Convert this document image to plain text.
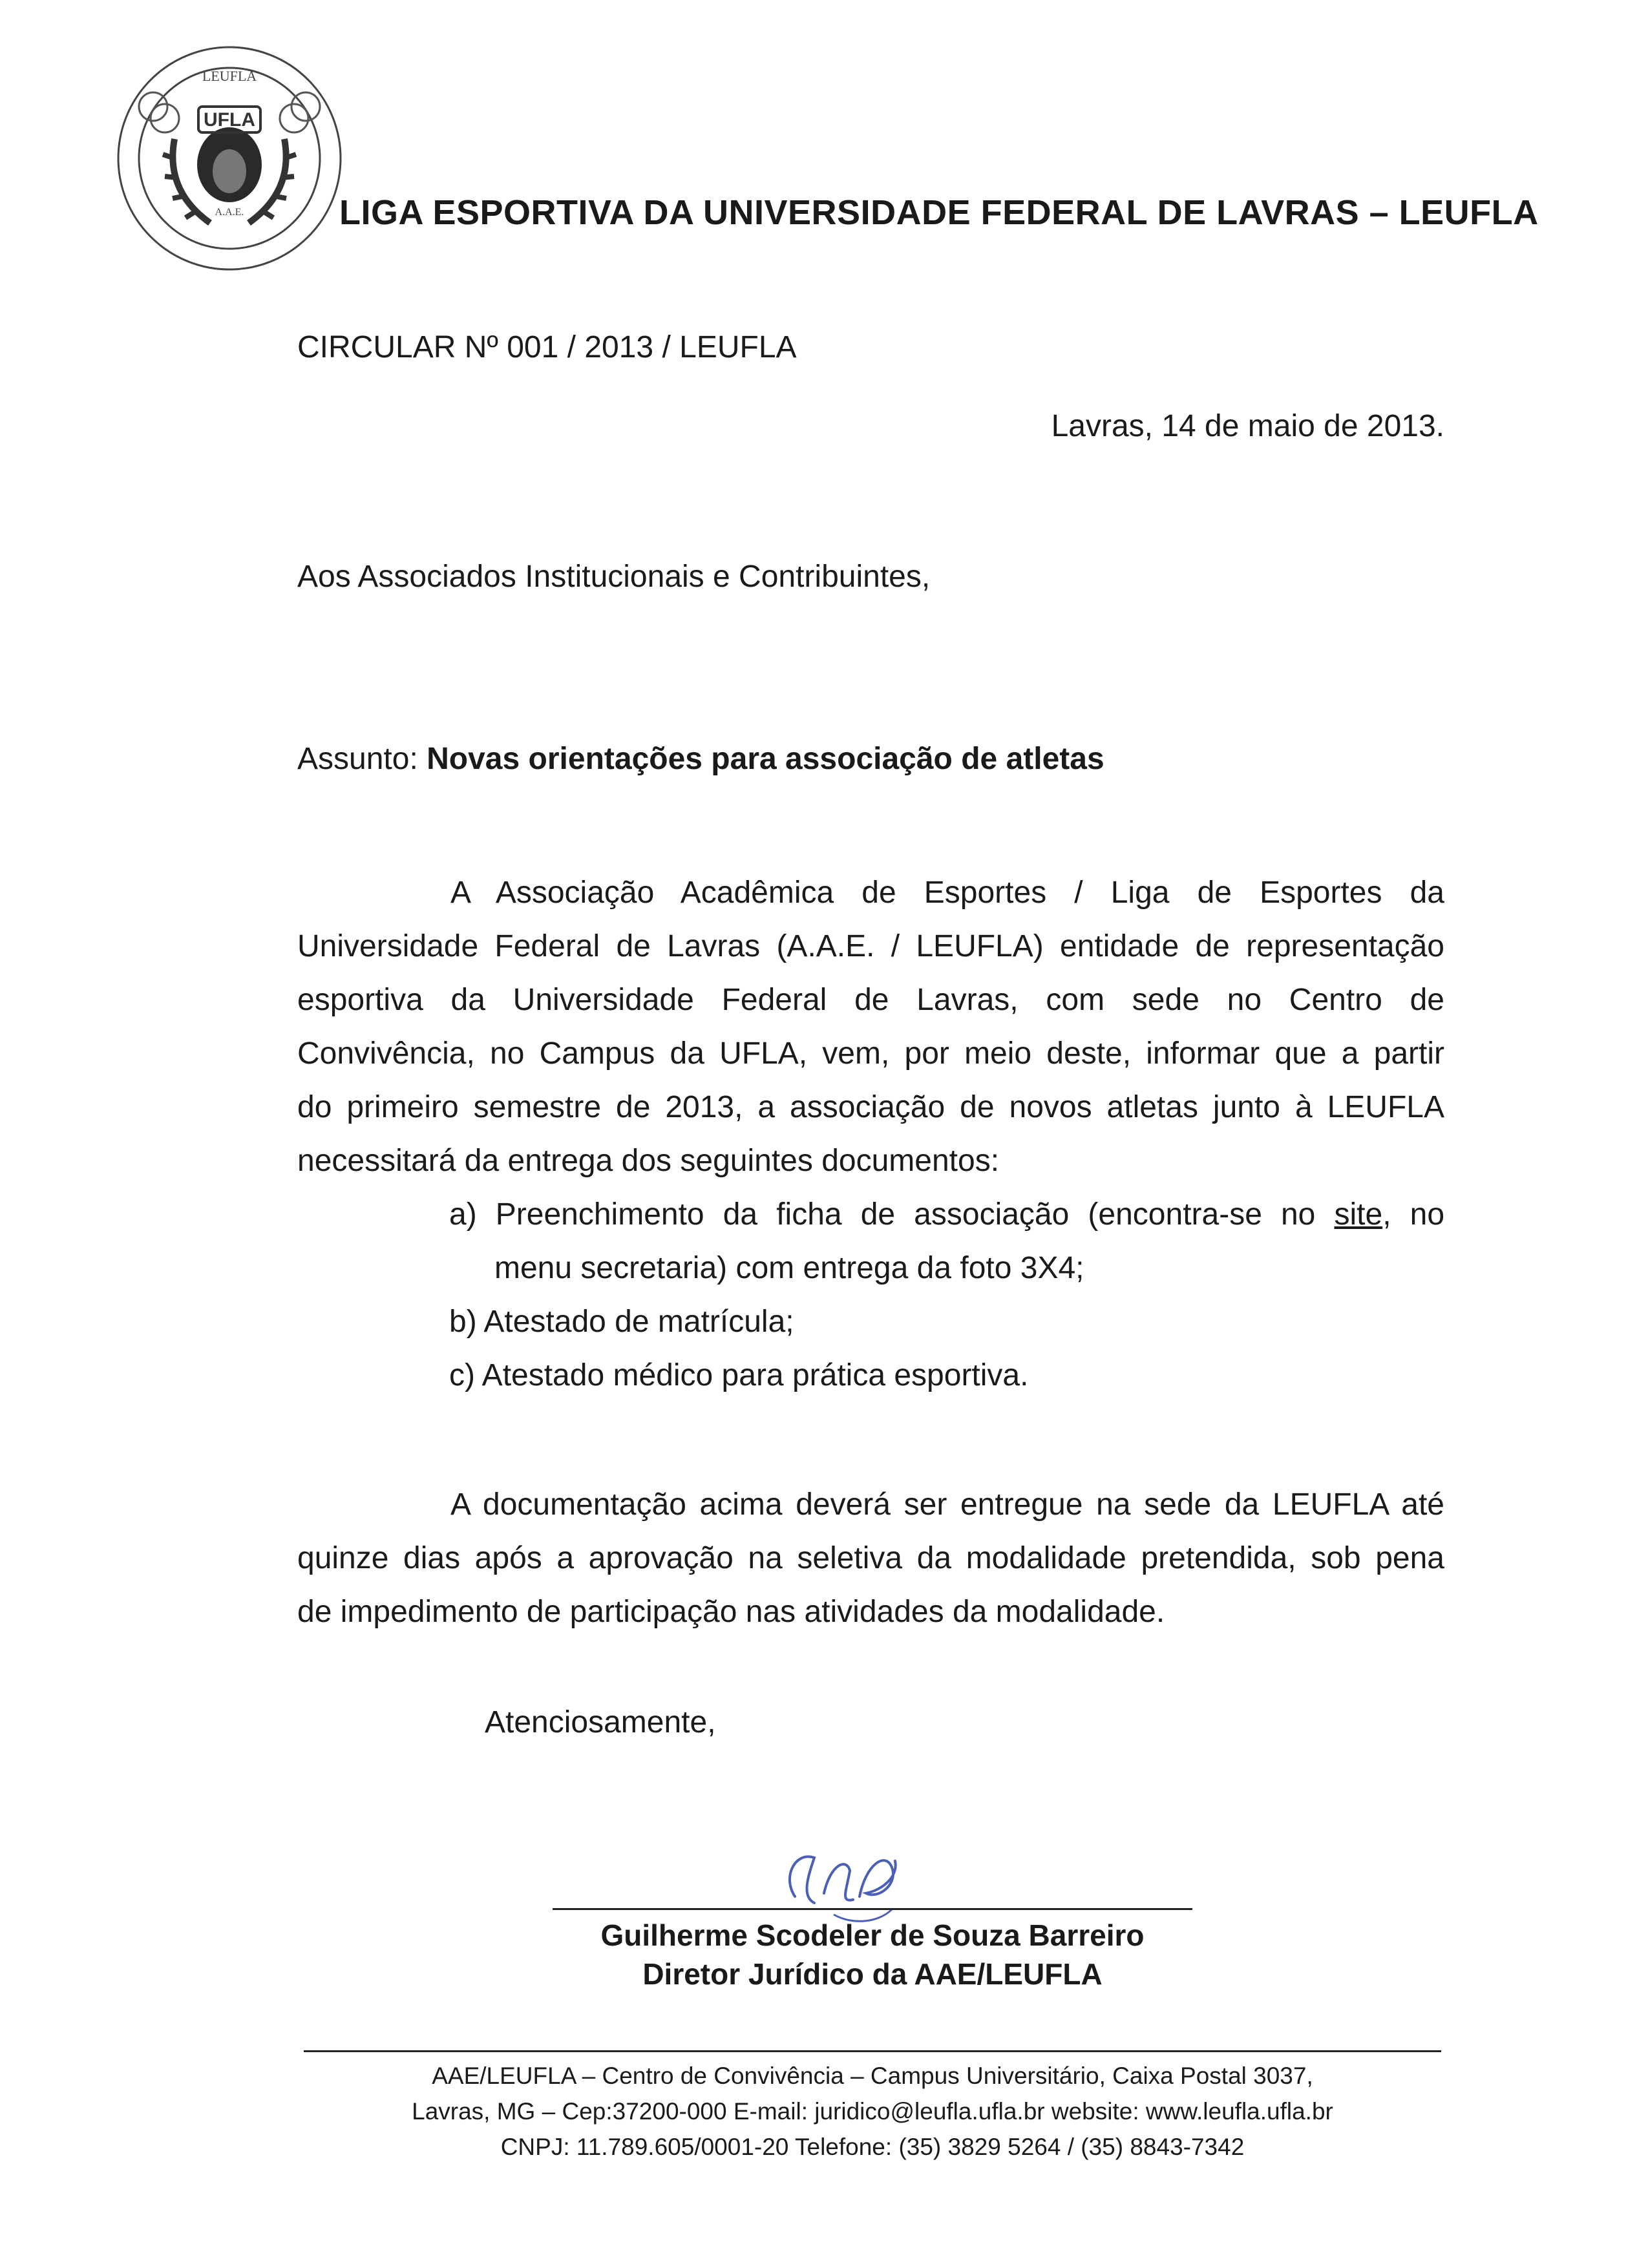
UFLA
LEUFLA
A.A.E.	LIGA ESPORTIVA DA UNIVERSIDADE FEDERAL DE LAVRAS – LEUFLA
CIRCULAR Nº 001 / 2013 / LEUFLA
Lavras, 14 de maio de 2013.
Aos Associados Institucionais e Contribuintes,
Assunto: Novas orientações para associação de atletas
A Associação Acadêmica de Esportes / Liga de Esportes da
Universidade Federal de Lavras (A.A.E. / LEUFLA) entidade de representação
esportiva da Universidade Federal de Lavras, com sede no Centro de
Convivência, no Campus da UFLA, vem, por meio deste, informar que a partir
do primeiro semestre de 2013, a associação de novos atletas junto à LEUFLA
necessitará da entrega dos seguintes documentos:
a) Preenchimento da ficha de associação (encontra-se no site, no
menu secretaria) com entrega da foto 3X4;
b) Atestado de matrícula;
c) Atestado médico para prática esportiva.
A documentação acima deverá ser entregue na sede da LEUFLA até
quinze dias após a aprovação na seletiva da modalidade pretendida, sob pena
de impedimento de participação nas atividades da modalidade.
Atenciosamente,
Guilherme Scodeler de Souza Barreiro
Diretor Jurídico da AAE/LEUFLA
AAE/LEUFLA – Centro de Convivência – Campus Universitário, Caixa Postal 3037,
Lavras, MG – Cep:37200-000 E-mail: juridico@leufla.ufla.br website: www.leufla.ufla.br
CNPJ: 11.789.605/0001-20 Telefone: (35) 3829 5264 / (35) 8843-7342
